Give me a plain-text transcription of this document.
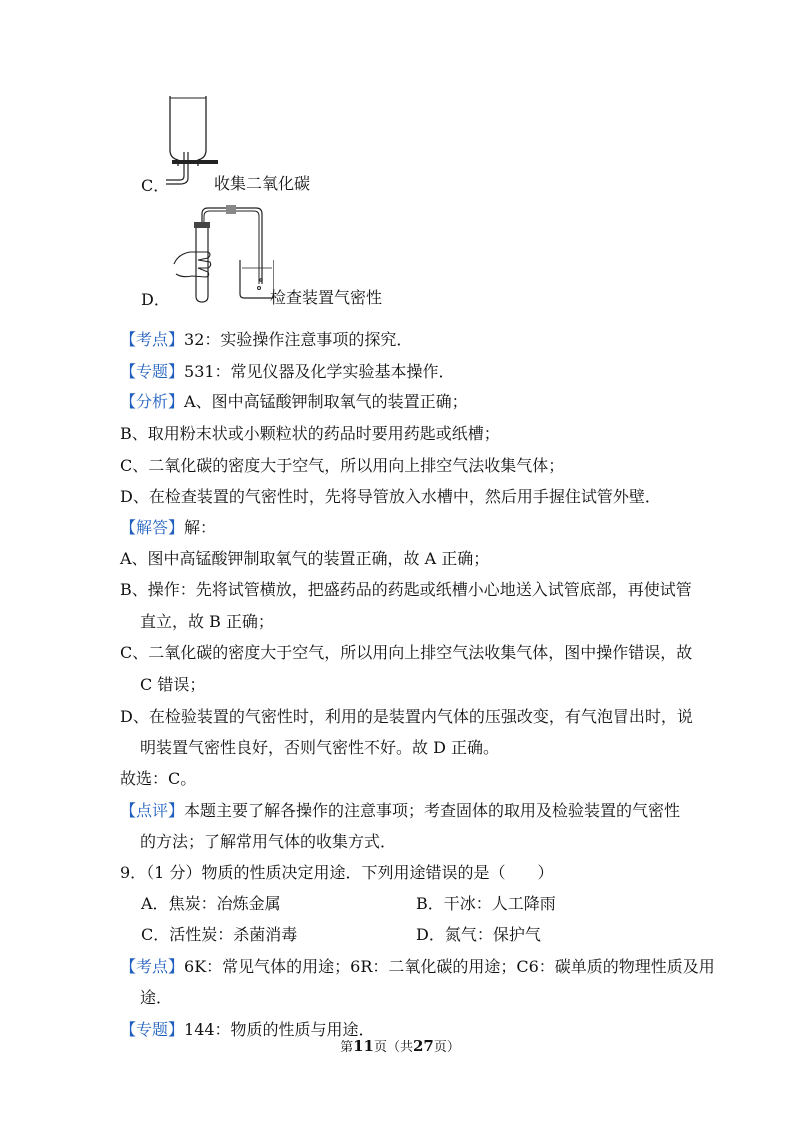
C．	收集二氧化碳
D．	检查装置气密性
【考点】32：实验操作注意事项的探究．
【专题】531：常见仪器及化学实验基本操作．
【分析】A、图中高锰酸钾制取氧气的装置正确；
B、取用粉末状或小颗粒状的药品时要用药匙或纸槽；
C、二氧化碳的密度大于空气，所以用向上排空气法收集气体；
D、在检查装置的气密性时，先将导管放入水槽中，然后用手握住试管外壁．
【解答】解：
A、图中高锰酸钾制取氧气的装置正确，故 A 正确；
B、操作：先将试管横放，把盛药品的药匙或纸槽小心地送入试管底部，再使试管
直立，故 B 正确；
C、二氧化碳的密度大于空气，所以用向上排空气法收集气体，图中操作错误，故
C 错误；
D、在检验装置的气密性时，利用的是装置内气体的压强改变，有气泡冒出时，说
明装置气密性良好，否则气密性不好。故 D 正确。
故选：C。
【点评】本题主要了解各操作的注意事项；考查固体的取用及检验装置的气密性
的方法；了解常用气体的收集方式．
9．（1 分）物质的性质决定用途．下列用途错误的是（　　）
A．焦炭：冶炼金属	B．干冰：人工降雨
C．活性炭：杀菌消毒	D．氮气：保护气
【考点】6K：常见气体的用途；6R：二氧化碳的用途；C6：碳单质的物理性质及用
途．
【专题】144：物质的性质与用途．
第11页（共27页）
